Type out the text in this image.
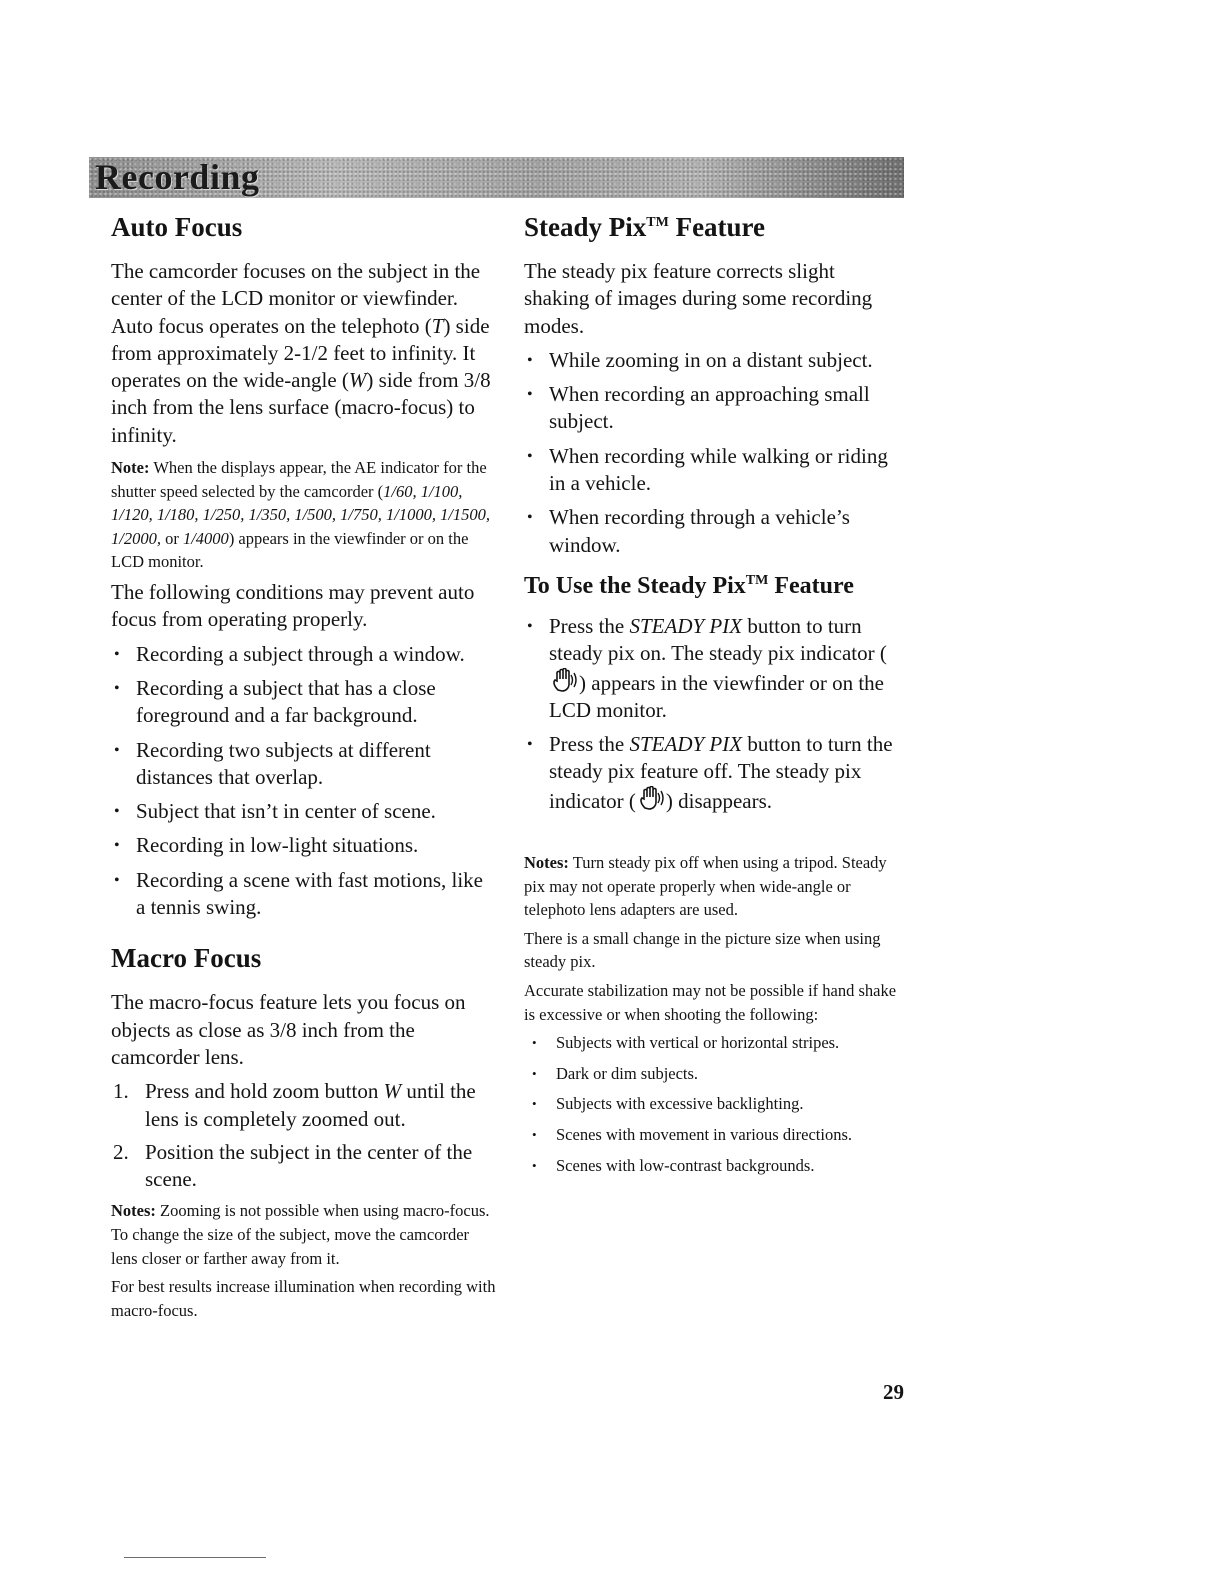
Recording
Auto Focus

The camcorder focuses on the subject in the center of the LCD monitor or viewfinder. Auto focus operates on the telephoto (T) side from approximately 2-1/2 feet to infinity. It operates on the wide-angle (W) side from 3/8 inch from the lens surface (macro-focus) to infinity.

Note: When the displays appear, the AE indicator for the shutter speed selected by the camcorder (1/60, 1/100, 1/120, 1/180, 1/250, 1/350, 1/500, 1/750, 1/1000, 1/1500, 1/2000, or 1/4000) appears in the viewfinder or on the LCD monitor.

The following conditions may prevent auto focus from operating properly.

• Recording a subject through a window.
• Recording a subject that has a close foreground and a far background.
• Recording two subjects at different distances that overlap.
• Subject that isn’t in center of scene.
• Recording in low-light situations.
• Recording a scene with fast motions, like a tennis swing.
Macro Focus

The macro-focus feature lets you focus on objects as close as 3/8 inch from the camcorder lens.

1. Press and hold zoom button W until the lens is completely zoomed out.
2. Position the subject in the center of the scene.

Notes: Zooming is not possible when using macro-focus. To change the size of the subject, move the camcorder lens closer or farther away from it.

For best results increase illumination when recording with macro-focus.

Steady Pix™ Feature

The steady pix feature corrects slight shaking of images during some recording modes.

• While zooming in on a distant subject.
• When recording an approaching small subject.
• When recording while walking or riding in a vehicle.
• When recording through a vehicle’s window.
To Use the Steady Pix™ Feature
• Press the STEADY PIX button to turn steady pix on. The steady pix indicator () appears in the viewfinder or on the LCD monitor.
• Press the STEADY PIX button to turn the steady pix feature off. The steady pix indicator ( ) disappears.

Notes: Turn steady pix off when using a tripod. Steady pix may not operate properly when wide-angle or telephoto lens adapters are used.

There is a small change in the picture size when using steady pix.

Accurate stabilization may not be possible if hand shake is excessive or when shooting the following:

• Subjects with vertical or horizontal stripes.
• Dark or dim subjects.
• Subjects with excessive backlighting.
• Scenes with movement in various directions.
• Scenes with low-contrast backgrounds.
29
